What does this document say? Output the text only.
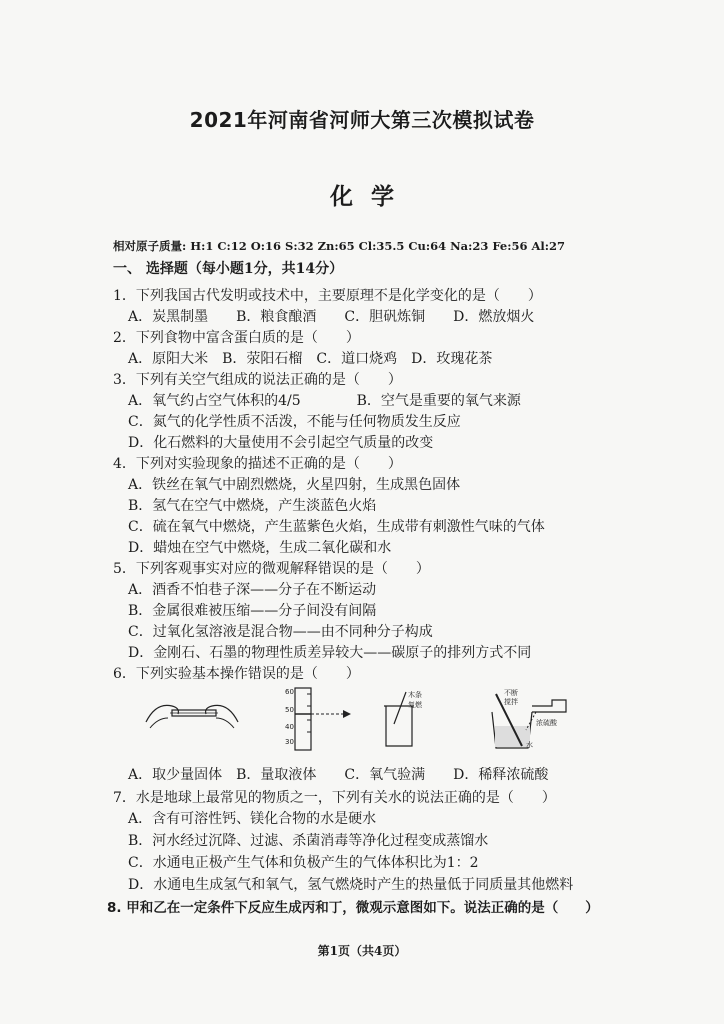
2021年河南省河师大第三次模拟试卷
化学
相对原子质量: H:1 C:12 O:16 S:32 Zn:65 Cl:35.5 Cu:64 Na:23 Fe:56 Al:27
一、 选择题（每小题1分，共14分）
1．下列我国古代发明或技术中，主要原理不是化学变化的是（　　）
A．炭黑制墨　　B．粮食酿酒　　C．胆矾炼铜　　D．燃放烟火
2．下列食物中富含蛋白质的是（　　）
A．原阳大米　B．荥阳石榴　C．道口烧鸡　D．玫瑰花茶
3．下列有关空气组成的说法正确的是（　　）
A．氧气约占空气体积的4/5　　　　B．空气是重要的氧气来源
C．氮气的化学性质不活泼，不能与任何物质发生反应
D．化石燃料的大量使用不会引起空气质量的改变
4．下列对实验现象的描述不正确的是（　　）
A．铁丝在氧气中剧烈燃烧，火星四射，生成黑色固体
B．氢气在空气中燃烧，产生淡蓝色火焰
C．硫在氧气中燃烧，产生蓝紫色火焰，生成带有刺激性气味的气体
D．蜡烛在空气中燃烧，生成二氧化碳和水
5．下列客观事实对应的微观解释错误的是（　　）
A．酒香不怕巷子深——分子在不断运动
B．金属很难被压缩——分子间没有间隔
C．过氧化氢溶液是混合物——由不同种分子构成
D．金刚石、石墨的物理性质差异较大——碳原子的排列方式不同
6．下列实验基本操作错误的是（　　）
60
50
40
30
木条
复燃
不断
搅拌
浓硫酸
水
A．取少量固体　B．量取液体　　C．氧气验满　　D．稀释浓硫酸
7．水是地球上最常见的物质之一，下列有关水的说法正确的是（　　）
A．含有可溶性钙、镁化合物的水是硬水
B．河水经过沉降、过滤、杀菌消毒等净化过程变成蒸馏水
C．水通电正极产生气体和负极产生的气体体积比为1：2
D．水通电生成氢气和氧气，氢气燃烧时产生的热量低于同质量其他燃料
8. 甲和乙在一定条件下反应生成丙和丁，微观示意图如下。说法正确的是（　　）
第1页（共4页）
